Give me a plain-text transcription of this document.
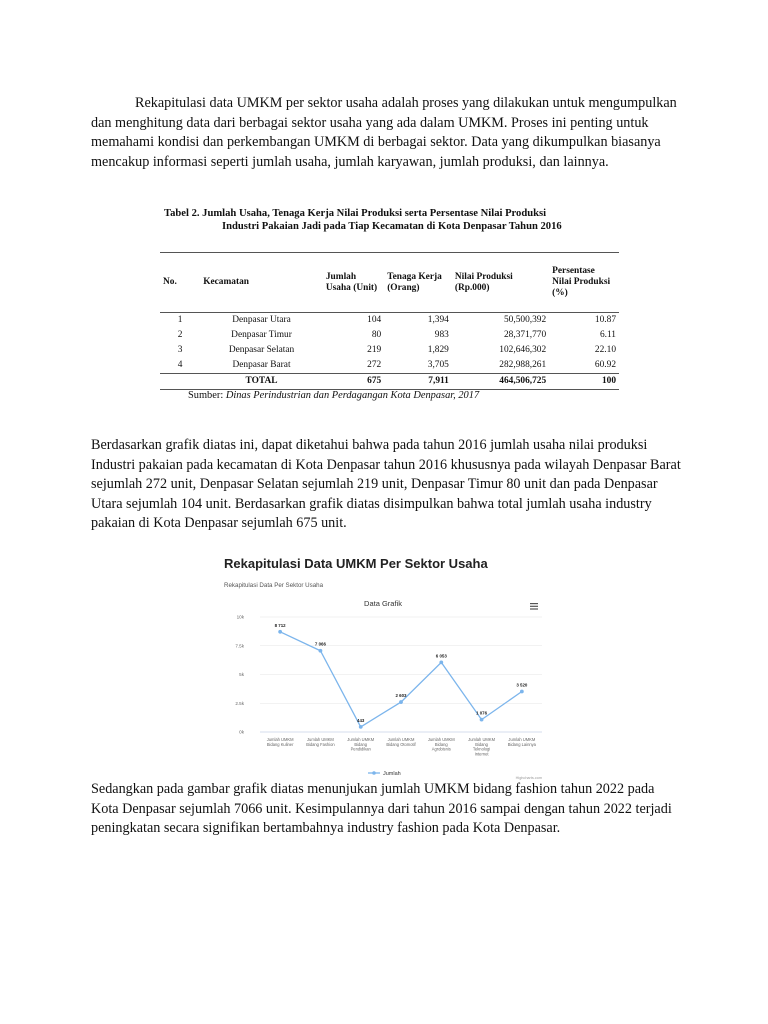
Rekapitulasi data UMKM per sektor usaha adalah proses yang dilakukan untuk mengumpulkan dan menghitung data dari berbagai sektor usaha yang ada dalam UMKM. Proses ini penting untuk memahami kondisi dan perkembangan UMKM di berbagai sektor. Data yang dikumpulkan biasanya mencakup informasi seperti jumlah usaha, jumlah karyawan, jumlah produksi, dan lainnya.

Tabel 2. Jumlah Usaha, Tenaga Kerja Nilai Produksi serta Persentase Nilai Produksi
Industri Pakaian Jadi pada Tiap Kecamatan di Kota Denpasar Tahun 2016
No.	Kecamatan	Jumlah Usaha (Unit)	Tenaga Kerja (Orang)	Nilai Produksi (Rp.000)	Persentase Nilai Produksi (%)
1	Denpasar Utara	104	1,394	50,500,392	10.87
2	Denpasar Timur	80	983	28,371,770	6.11
3	Denpasar Selatan	219	1,829	102,646,302	22.10
4	Denpasar Barat	272	3,705	282,988,261	60.92
	TOTAL	675	7,911	464,506,725	100
Sumber: Dinas Perindustrian dan Perdagangan Kota Denpasar, 2017

Berdasarkan grafik diatas ini, dapat diketahui bahwa pada tahun 2016 jumlah usaha nilai produksi Industri pakaian pada kecamatan di Kota Denpasar tahun 2016 khususnya pada wilayah Denpasar Barat sejumlah 272 unit, Denpasar Selatan sejumlah 219 unit, Denpasar Timur 80 unit dan pada Denpasar Utara sejumlah 104 unit. Berdasarkan grafik diatas disimpulkan bahwa total jumlah usaha industry pakaian di Kota Denpasar sejumlah 675 unit.

Rekapitulasi Data UMKM Per Sektor Usaha
Rekapitulasi Data Per Sektor Usaha
Data Grafik
0k
2.5k
5k
7.5k
10k
8 712
7 066
443
2 603
6 053
1 076
3 520
Jumlah UMKM Bidang Kuliner
Jumlah UMKM Bidang Fashion
Jumlah UMKM Bidang Pendidikan
Jumlah UMKM Bidang Otomotif
Jumlah UMKM Bidang Agrobisnis
Jumlah UMKM Bidang Teknologi Internet
Jumlah UMKM Bidang Lainnya
Jumlah
Highcharts.com

Sedangkan pada gambar grafik diatas menunjukan jumlah UMKM bidang fashion tahun 2022 pada Kota Denpasar sejumlah 7066 unit. Kesimpulannya dari tahun 2016 sampai dengan tahun 2022 terjadi peningkatan secara signifikan bertambahnya industry fashion pada Kota Denpasar.
